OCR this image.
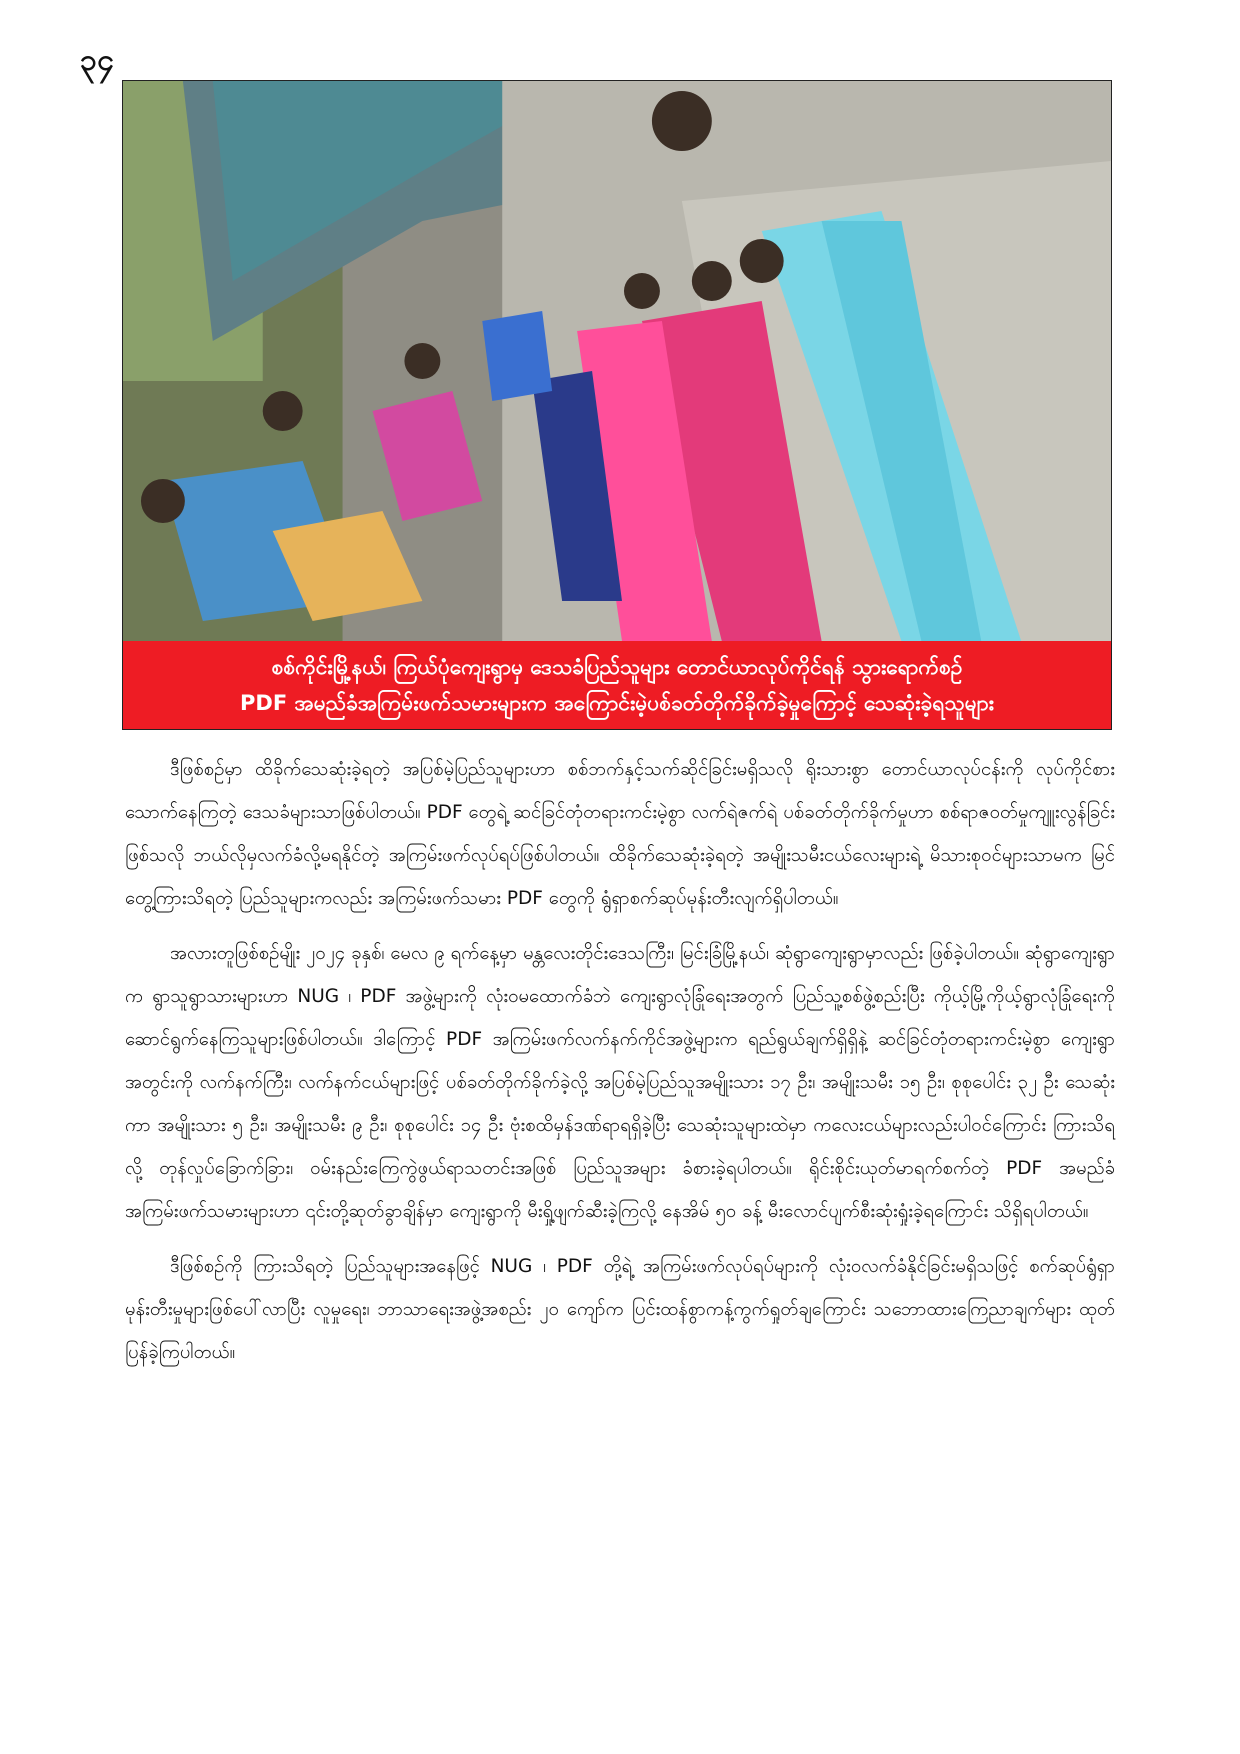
၃၄
စစ်ကိုင်းမြို့နယ်၊ ကြယ်ပုံကျေးရွာမှ ဒေသခံပြည်သူများ တောင်ယာလုပ်ကိုင်ရန် သွားရောက်စဉ်
PDF အမည်ခံအကြမ်းဖက်သမားများက အကြောင်းမဲ့ပစ်ခတ်တိုက်ခိုက်ခဲ့မှုကြောင့် သေဆုံးခဲ့ရသူများ

ဒီဖြစ်စဉ်မှာ ထိခိုက်သေဆုံးခဲ့ရတဲ့ အပြစ်မဲ့ပြည်သူများဟာ စစ်ဘက်နှင့်သက်ဆိုင်ခြင်းမရှိသလို ရိုးသားစွာ တောင်ယာလုပ်ငန်းကို လုပ်ကိုင်စားသောက်နေကြတဲ့ ဒေသခံများသာဖြစ်ပါတယ်။ PDF တွေရဲ့ ဆင်ခြင်တုံတရားကင်းမဲ့စွာ လက်ရဲဇက်ရဲ ပစ်ခတ်တိုက်ခိုက်မှုဟာ စစ်ရာဇဝတ်မှုကျူးလွန်ခြင်းဖြစ်သလို ဘယ်လိုမှလက်ခံလို့မရနိုင်တဲ့ အကြမ်းဖက်လုပ်ရပ်ဖြစ်ပါတယ်။ ထိခိုက်သေဆုံးခဲ့ရတဲ့ အမျိုးသမီးငယ်လေးများရဲ့ မိသားစုဝင်များသာမက မြင်တွေ့ကြားသိရတဲ့ ပြည်သူများကလည်း အကြမ်းဖက်သမား PDF တွေကို ရွံရှာစက်ဆုပ်မုန်းတီးလျက်ရှိပါတယ်။

အလားတူဖြစ်စဉ်မျိုး ၂၀၂၄ ခုနှစ်၊ မေလ ၉ ရက်နေ့မှာ မန္တလေးတိုင်းဒေသကြီး၊ မြင်းခြံမြို့နယ်၊ ဆုံရွာကျေးရွာမှာလည်း ဖြစ်ခဲ့ပါတယ်။ ဆုံရွာကျေးရွာက ရွာသူရွာသားများဟာ NUG ၊ PDF အဖွဲ့များကို လုံးဝမထောက်ခံဘဲ ကျေးရွာလုံခြုံရေးအတွက် ပြည်သူ့စစ်ဖွဲ့စည်းပြီး ကိုယ့်မြို့ကိုယ့်ရွာလုံခြုံရေးကို ဆောင်ရွက်နေကြသူများဖြစ်ပါတယ်။ ဒါကြောင့် PDF အကြမ်းဖက်လက်နက်ကိုင်အဖွဲ့များက ရည်ရွယ်ချက်ရှိရှိနဲ့ ဆင်ခြင်တုံတရားကင်းမဲ့စွာ ကျေးရွာအတွင်းကို လက်နက်ကြီး၊ လက်နက်ငယ်များဖြင့် ပစ်ခတ်တိုက်ခိုက်ခဲ့လို့ အပြစ်မဲ့ပြည်သူအမျိုးသား ၁၇ ဦး၊ အမျိုးသမီး ၁၅ ဦး၊ စုစုပေါင်း ၃၂ ဦး သေဆုံးကာ အမျိုးသား ၅ ဦး၊ အမျိုးသမီး ၉ ဦး၊ စုစုပေါင်း ၁၄ ဦး ဗုံးစထိမှန်ဒဏ်ရာရရှိခဲ့ပြီး သေဆုံးသူများထဲမှာ ကလေးငယ်များလည်းပါဝင်ကြောင်း ကြားသိရလို့ တုန်လှုပ်ခြောက်ခြား၊ ဝမ်းနည်းကြေကွဲဖွယ်ရာသတင်းအဖြစ် ပြည်သူအများ ခံစားခဲ့ရပါတယ်။ ရိုင်းစိုင်းယုတ်မာရက်စက်တဲ့ PDF အမည်ခံ အကြမ်းဖက်သမားများဟာ ၎င်းတို့ဆုတ်ခွာချိန်မှာ ကျေးရွာကို မီးရှို့ဖျက်ဆီးခဲ့ကြလို့ နေအိမ် ၅၀ ခန့် မီးလောင်ပျက်စီးဆုံးရှုံးခဲ့ရကြောင်း သိရှိရပါတယ်။

ဒီဖြစ်စဉ်ကို ကြားသိရတဲ့ ပြည်သူများအနေဖြင့် NUG ၊ PDF တို့ရဲ့ အကြမ်းဖက်လုပ်ရပ်များကို လုံးဝလက်ခံနိုင်ခြင်းမရှိသဖြင့် စက်ဆုပ်ရွံရှာမုန်းတီးမှုများဖြစ်ပေါ်လာပြီး လူမှုရေး၊ ဘာသာရေးအဖွဲ့အစည်း ၂၀ ကျော်က ပြင်းထန်စွာကန့်ကွက်ရှုတ်ချကြောင်း သဘောထားကြေညာချက်များ ထုတ်ပြန်ခဲ့ကြပါတယ်။
